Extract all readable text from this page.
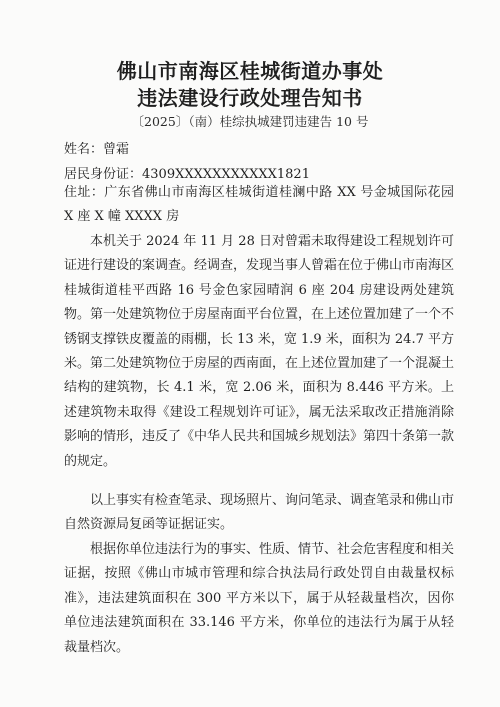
佛山市南海区桂城街道办事处
违法建设行政处理告知书
〔2025〕（南）桂综执城建罚违建告 10 号
姓名：曾霜
居民身份证：4309XXXXXXXXXXX1821

住址：广东省佛山市南海区桂城街道桂澜中路 XX 号金城国际花园 X 座 X 幢 XXXX 房

本机关于 2024 年 11 月 28 日对曾霜未取得建设工程规划许可证进行建设的案调查。经调查，发现当事人曾霜在位于佛山市南海区桂城街道桂平西路 16 号金色家园晴润 6 座 204 房建设两处建筑物。第一处建筑物位于房屋南面平台位置，在上述位置加建了一个不锈钢支撑铁皮覆盖的雨棚，长 13 米，宽 1.9 米，面积为 24.7 平方米。第二处建筑物位于房屋的西南面，在上述位置加建了一个混凝土结构的建筑物，长 4.1 米，宽 2.06 米，面积为 8.446 平方米。上述建筑物未取得《建设工程规划许可证》，属无法采取改正措施消除影响的情形，违反了《中华人民共和国城乡规划法》第四十条第一款的规定。

以上事实有检查笔录、现场照片、询问笔录、调查笔录和佛山市自然资源局复函等证据证实。

根据你单位违法行为的事实、性质、情节、社会危害程度和相关证据，按照《佛山市城市管理和综合执法局行政处罚自由裁量权标准》，违法建筑面积在 300 平方米以下，属于从轻裁量档次，因你单位违法建筑面积在 33.146 平方米，你单位的违法行为属于从轻裁量档次。
